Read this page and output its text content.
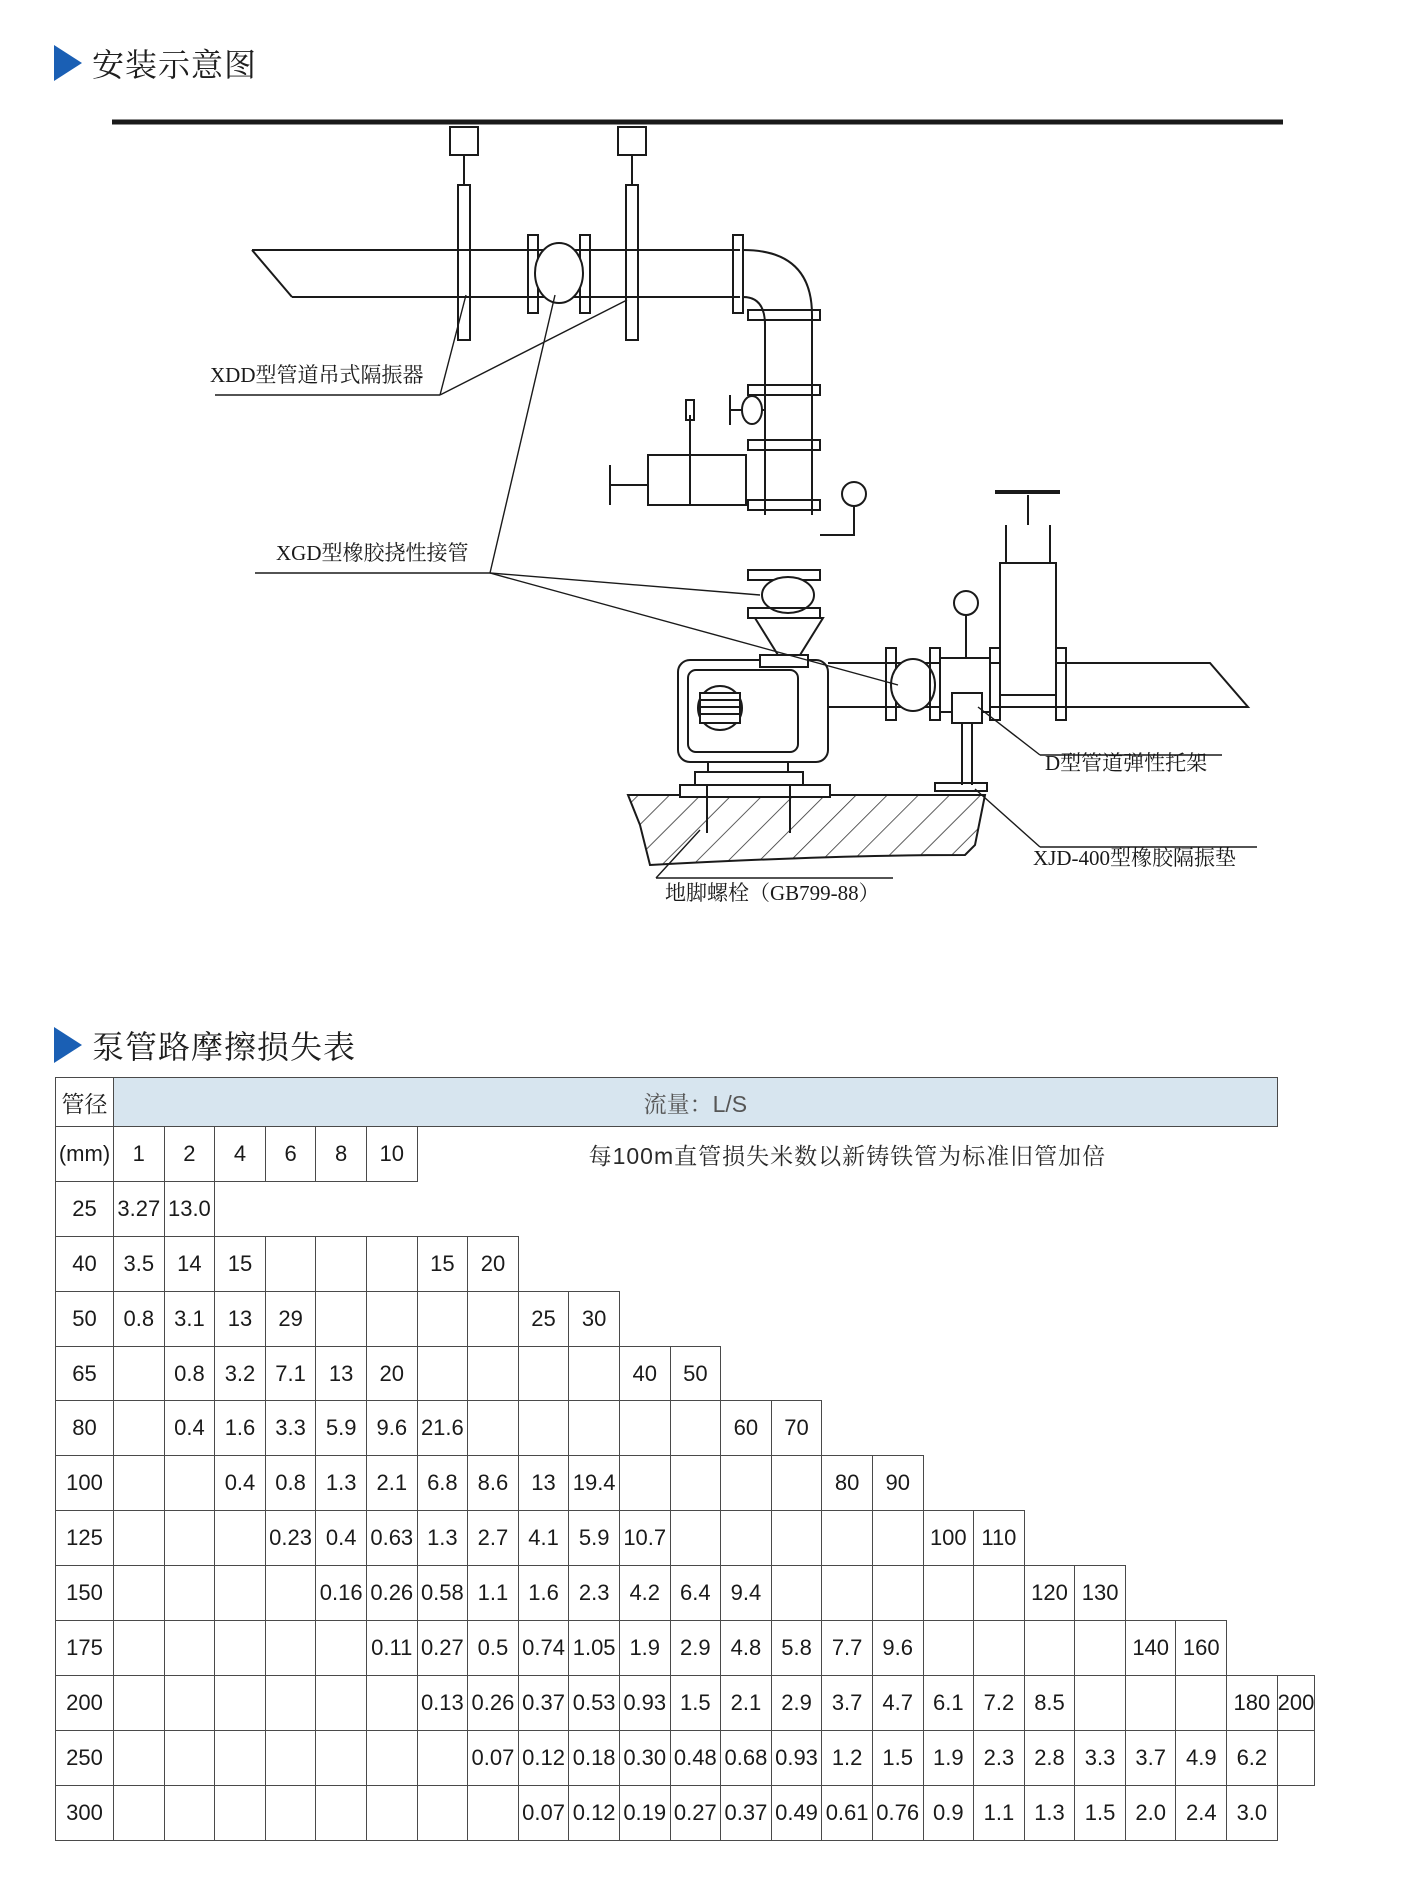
安装示意图
XDD型管道吊式隔振器
XGD型橡胶挠性接管
D型管道弹性托架
XJD-400型橡胶隔振垫
地脚螺栓（GB799-88）
泵管路摩擦损失表
管径	流量：L/S																							
(mm)	1	2	4	6	8	10	每100m直管损失米数以新铸铁管为标准旧管加倍																	
25	3.27	13.0																						
40	3.5	14	15				15	20																
50	0.8	3.1	13	29					25	30														
65		0.8	3.2	7.1	13	20					40	50												
80		0.4	1.6	3.3	5.9	9.6	21.6						60	70										
100			0.4	0.8	1.3	2.1	6.8	8.6	13	19.4					80	90								
125				0.23	0.4	0.63	1.3	2.7	4.1	5.9	10.7						100	110						
150					0.16	0.26	0.58	1.1	1.6	2.3	4.2	6.4	9.4						120	130				
175						0.11	0.27	0.5	0.74	1.05	1.9	2.9	4.8	5.8	7.7	9.6					140	160		
200							0.13	0.26	0.37	0.53	0.93	1.5	2.1	2.9	3.7	4.7	6.1	7.2	8.5				180	200
250								0.07	0.12	0.18	0.30	0.48	0.68	0.93	1.2	1.5	1.9	2.3	2.8	3.3	3.7	4.9	6.2	
300									0.07	0.12	0.19	0.27	0.37	0.49	0.61	0.76	0.9	1.1	1.3	1.5	2.0	2.4	3.0	
